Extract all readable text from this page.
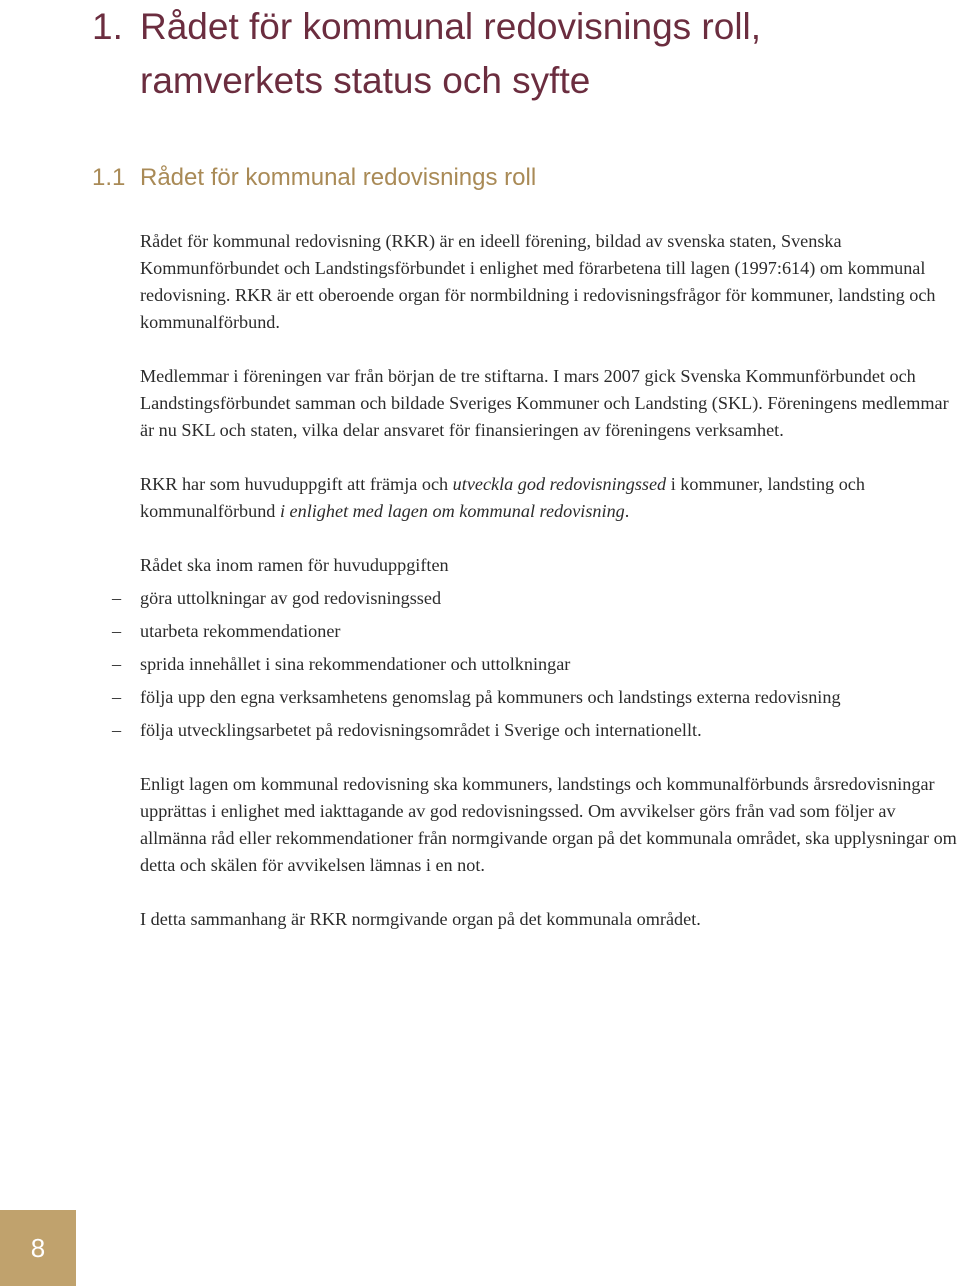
1. Rådet för kommunal redovisnings roll,
ramverkets status och syfte
1.1 Rådet för kommunal redovisnings roll

Rådet för kommunal redovisning (RKR) är en ideell förening, bildad av svenska staten, Svenska Kommunförbundet och Landstingsförbundet i enlighet med förarbetena till lagen (1997:614) om kommunal redovisning. RKR är ett oberoende organ för normbildning i redovisningsfrågor för kommuner, landsting och kommunalförbund.

Medlemmar i föreningen var från början de tre stiftarna. I mars 2007 gick Svenska Kommunförbundet och Landstingsförbundet samman och bildade Sveriges Kommuner och Landsting (SKL). Föreningens medlemmar är nu SKL och staten, vilka delar ansvaret för finansieringen av föreningens verksamhet.

RKR har som huvuduppgift att främja och utveckla god redovisningssed i kommuner, landsting och kommunalförbund i enlighet med lagen om kommunal redovisning.

Rådet ska inom ramen för huvuduppgiften

– göra uttolkningar av god redovisningssed
– utarbeta rekommendationer
– sprida innehållet i sina rekommendationer och uttolkningar
– följa upp den egna verksamhetens genomslag på kommuners och landstings externa redovisning
– följa utvecklingsarbetet på redovisningsområdet i Sverige och internationellt.

Enligt lagen om kommunal redovisning ska kommuners, landstings och kommunalförbunds årsredovisningar upprättas i enlighet med iakttagande av god redovisningssed. Om avvikelser görs från vad som följer av allmänna råd eller rekommendationer från normgivande organ på det kommunala området, ska upplysningar om detta och skälen för avvikelsen lämnas i en not.

I detta sammanhang är RKR normgivande organ på det kommunala området.

8
